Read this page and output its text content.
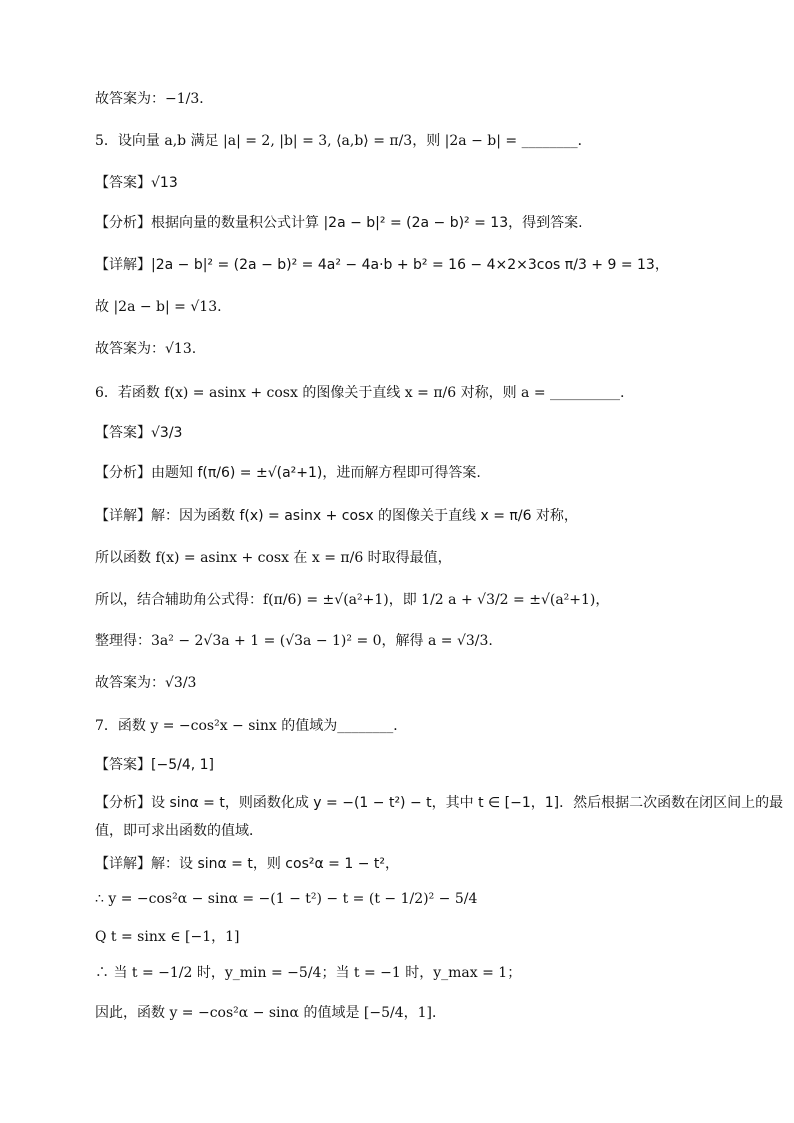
故答案为：−1/3．
5．设向量 a,b 满足 |a| = 2, |b| = 3, ⟨a,b⟩ = π/3，则 |2a − b| = ________．
【答案】√13
【分析】根据向量的数量积公式计算 |2a − b|² = (2a − b)² = 13，得到答案.
【详解】|2a − b|² = (2a − b)² = 4a² − 4a·b + b² = 16 − 4×2×3cos π/3 + 9 = 13，
故 |2a − b| = √13.
故答案为：√13.
6．若函数 f(x) = asinx + cosx 的图像关于直线 x = π/6 对称，则 a = __________.
【答案】√3/3
【分析】由题知 f(π/6) = ±√(a²+1)，进而解方程即可得答案.
【详解】解：因为函数 f(x) = asinx + cosx 的图像关于直线 x = π/6 对称，
所以函数 f(x) = asinx + cosx 在 x = π/6 时取得最值，
所以，结合辅助角公式得：f(π/6) = ±√(a²+1)，即 1/2 a + √3/2 = ±√(a²+1)，
整理得：3a² − 2√3a + 1 = (√3a − 1)² = 0，解得 a = √3/3.
故答案为：√3/3
7．函数 y = −cos²x − sinx 的值域为________．
【答案】[−5/4, 1]
【分析】设 sinα = t，则函数化成 y = −(1 − t²) − t，其中 t ∈ [−1，1]．然后根据二次函数在闭区间上的最
值，即可求出函数的值域．
【详解】解：设 sinα = t，则 cos²α = 1 − t²，
∴ y = −cos²α − sinα = −(1 − t²) − t = (t − 1/2)² − 5/4
Q t = sinx ∈ [−1，1]
∴ 当 t = −1/2 时，y_min = −5/4；当 t = −1 时，y_max = 1；
因此，函数 y = −cos²α − sinα 的值域是 [−5/4，1]．
